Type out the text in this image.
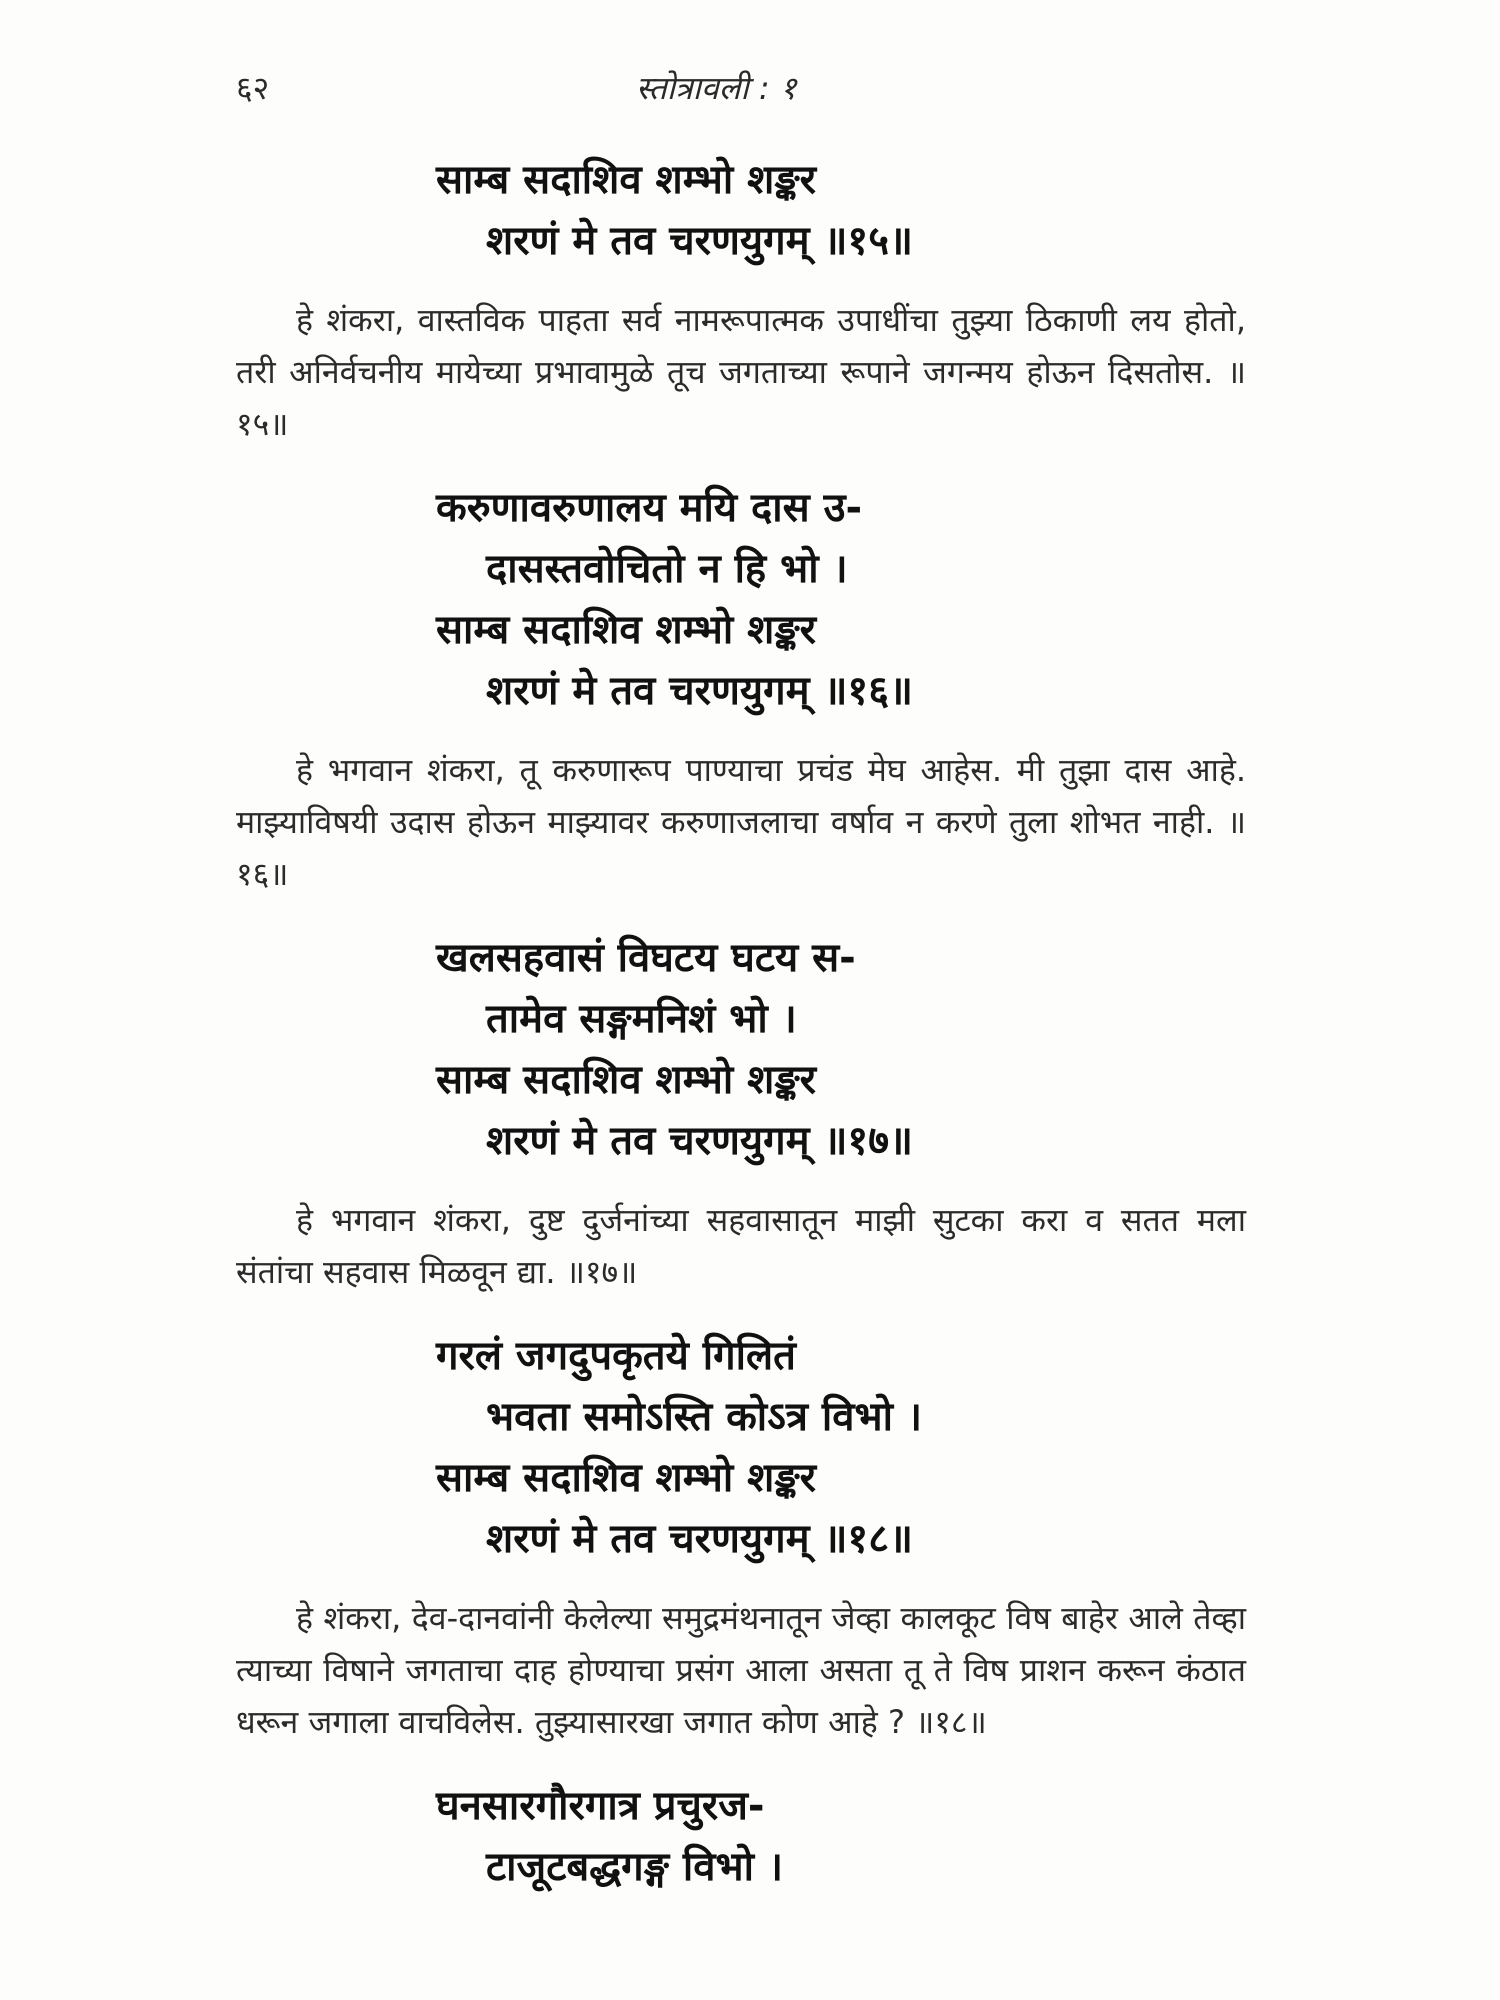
६२	स्तोत्रावली : १
साम्ब सदाशिव शम्भो शङ्कर
शरणं मे तव चरणयुगम् ॥१५॥

हे शंकरा, वास्तविक पाहता सर्व नामरूपात्मक उपाधींचा तुझ्या ठिकाणी लय होतो, तरी अनिर्वचनीय मायेच्या प्रभावामुळे तूच जगताच्या रूपाने जगन्मय होऊन दिसतोस. ॥१५॥

करुणावरुणालय मयि दास उ-
दासस्तवोचितो न हि भो ।
साम्ब सदाशिव शम्भो शङ्कर
शरणं मे तव चरणयुगम् ॥१६॥

हे भगवान शंकरा, तू करुणारूप पाण्याचा प्रचंड मेघ आहेस. मी तुझा दास आहे. माझ्याविषयी उदास होऊन माझ्यावर करुणाजलाचा वर्षाव न करणे तुला शोभत नाही. ॥१६॥

खलसहवासं विघटय घटय स-
तामेव सङ्गमनिशं भो ।
साम्ब सदाशिव शम्भो शङ्कर
शरणं मे तव चरणयुगम् ॥१७॥

हे भगवान शंकरा, दुष्ट दुर्जनांच्या सहवासातून माझी सुटका करा व सतत मला संतांचा सहवास मिळवून द्या. ॥१७॥

गरलं जगदुपकृतये गिलितं
भवता समोऽस्ति कोऽत्र विभो ।
साम्ब सदाशिव शम्भो शङ्कर
शरणं मे तव चरणयुगम् ॥१८॥

हे शंकरा, देव-दानवांनी केलेल्या समुद्रमंथनातून जेव्हा कालकूट विष बाहेर आले तेव्हा त्याच्या विषाने जगताचा दाह होण्याचा प्रसंग आला असता तू ते विष प्राशन करून कंठात धरून जगाला वाचविलेस. तुझ्यासारखा जगात कोण आहे ? ॥१८॥

घनसारगौरगात्र प्रचुरज-
टाजूटबद्धगङ्ग विभो ।
